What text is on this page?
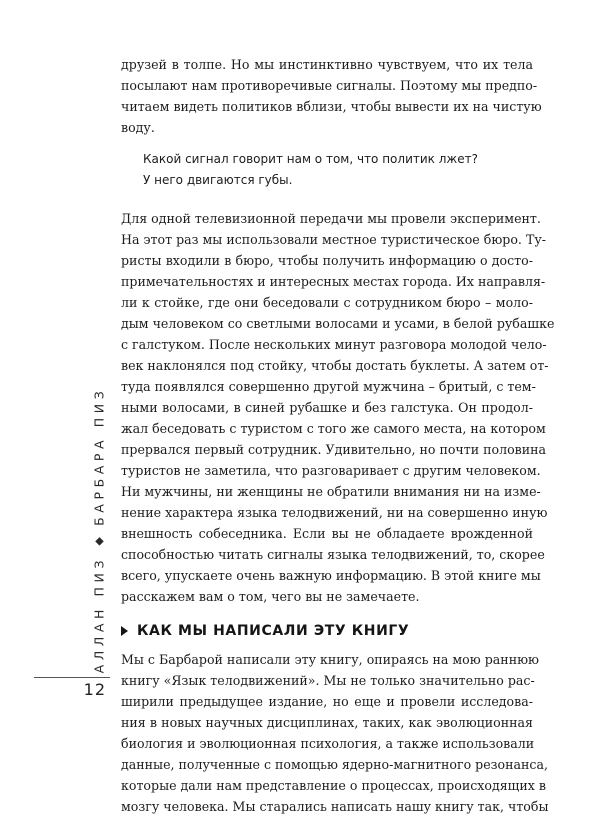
АЛЛАН ПИЗ
БАРБАРА ПИЗ
12

друзей в толпе. Но мы инстинктивно чувствуем, что их тела
посылают нам противоречивые сигналы. Поэтому мы предпо-
читаем видеть политиков вблизи, чтобы вывести их на чистую
воду.

Какой сигнал говорит нам о том, что политик лжет?
У него двигаются губы.

Для одной телевизионной передачи мы провели эксперимент.
На этот раз мы использовали местное туристическое бюро. Ту-
ристы входили в бюро, чтобы получить информацию о досто-
примечательностях и интересных местах города. Их направля-
ли к стойке, где они беседовали с сотрудником бюро – моло-
дым человеком со светлыми волосами и усами, в белой рубашке
с галстуком. После нескольких минут разговора молодой чело-
век наклонялся под стойку, чтобы достать буклеты. А затем от-
туда появлялся совершенно другой мужчина – бритый, с тем-
ными волосами, в синей рубашке и без галстука. Он продол-
жал беседовать с туристом с того же самого места, на котором
прервался первый сотрудник. Удивительно, но почти половина
туристов не заметила, что разговаривает с другим человеком.
Ни мужчины, ни женщины не обратили внимания ни на изме-
нение характера языка телодвижений, ни на совершенно иную
внешность собеседника. Если вы не обладаете врожденной
способностью читать сигналы языка телодвижений, то, скорее
всего, упускаете очень важную информацию. В этой книге мы
расскажем вам о том, чего вы не замечаете.

КАК МЫ НАПИСАЛИ ЭТУ КНИГУ

Мы с Барбарой написали эту книгу, опираясь на мою раннюю
книгу «Язык телодвижений». Мы не только значительно рас-
ширили предыдущее издание, но еще и провели исследова-
ния в новых научных дисциплинах, таких, как эволюционная
биология и эволюционная психология, а также использовали
данные, полученные с помощью ядерно-магнитного резонанса,
которые дали нам представление о процессах, происходящих в
мозгу человека. Мы старались написать нашу книгу так, чтобы
